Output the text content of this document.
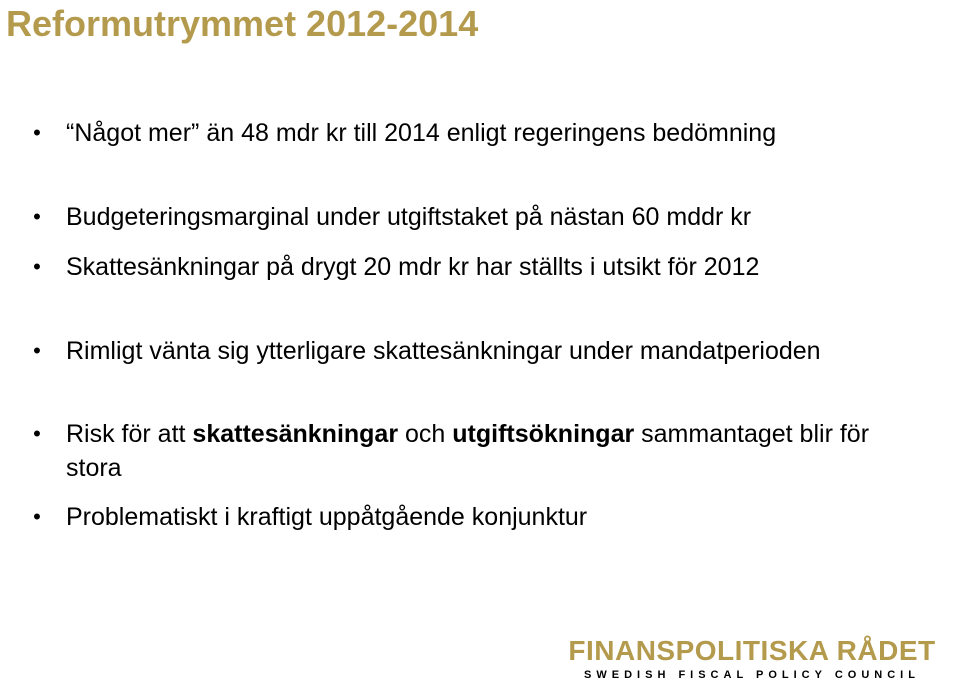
Reformutrymmet 2012-2014
• “Något mer” än 48 mdr kr till 2014 enligt regeringens bedömning
• Budgeteringsmarginal under utgiftstaket på nästan 60 mddr kr
• Skattesänkningar på drygt 20 mdr kr har ställts i utsikt för 2012
• Rimligt vänta sig ytterligare skattesänkningar under mandatperioden
• Risk för att skattesänkningar och utgiftsökningar sammantaget blir för stora
• Problematiskt i kraftigt uppåtgående konjunktur
FINANSPOLITISKA RÅDET
SWEDISH FISCAL POLICY COUNCIL
